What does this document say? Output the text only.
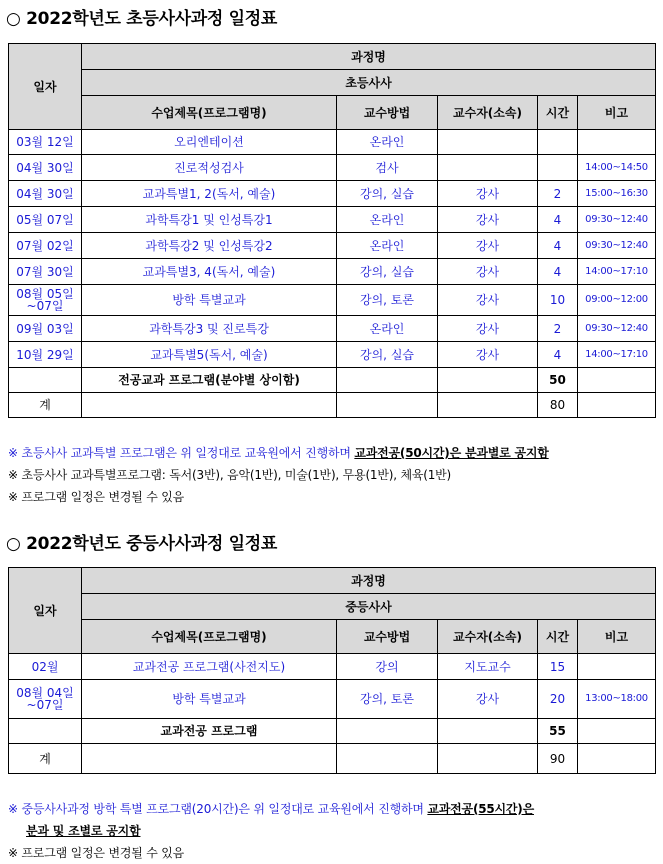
○ 2022학년도 초등사사과정 일정표
일자	과정명				
	초등사사				
	수업제목(프로그램명)	교수방법	교수자(소속)	시간	비고
03월 12일	오리엔테이션	온라인			
04월 30일	진로적성검사	검사			14:00~14:50
04월 30일	교과특별1, 2(독서, 예술)	강의, 실습	강사	2	15:00~16:30
05월 07일	과학특강1 및 인성특강1	온라인	강사	4	09:30~12:40
07월 02일	과학특강2 및 인성특강2	온라인	강사	4	09:30~12:40
07월 30일	교과특별3, 4(독서, 예술)	강의, 실습	강사	4	14:00~17:10
08월 05일
~07일	방학 특별교과	강의, 토론	강사	10	09:00~12:00
09월 03일	과학특강3 및 진로특강	온라인	강사	2	09:30~12:40
10월 29일	교과특별5(독서, 예술)	강의, 실습	강사	4	14:00~17:10
	전공교과 프로그램(분야별 상이함)			50	
계				80	
※ 초등사사 교과특별 프로그램은 위 일정대로 교육원에서 진행하며 교과전공(50시간)은 분과별로 공지함
※ 초등사사 교과특별프로그램: 독서(3반), 음악(1반), 미술(1반), 무용(1반), 체육(1반)
※ 프로그램 일정은 변경될 수 있음
○ 2022학년도 중등사사과정 일정표
일자	과정명				
	중등사사				
	수업제목(프로그램명)	교수방법	교수자(소속)	시간	비고
02월	교과전공 프로그램(사전지도)	강의	지도교수	15	
08월 04일
~07일	방학 특별교과	강의, 토론	강사	20	13:00~18:00
	교과전공 프로그램			55	
계				90	
※ 중등사사과정 방학 특별 프로그램(20시간)은 위 일정대로 교육원에서 진행하며 교과전공(55시간)은
분과 및 조별로 공지함
※ 프로그램 일정은 변경될 수 있음
